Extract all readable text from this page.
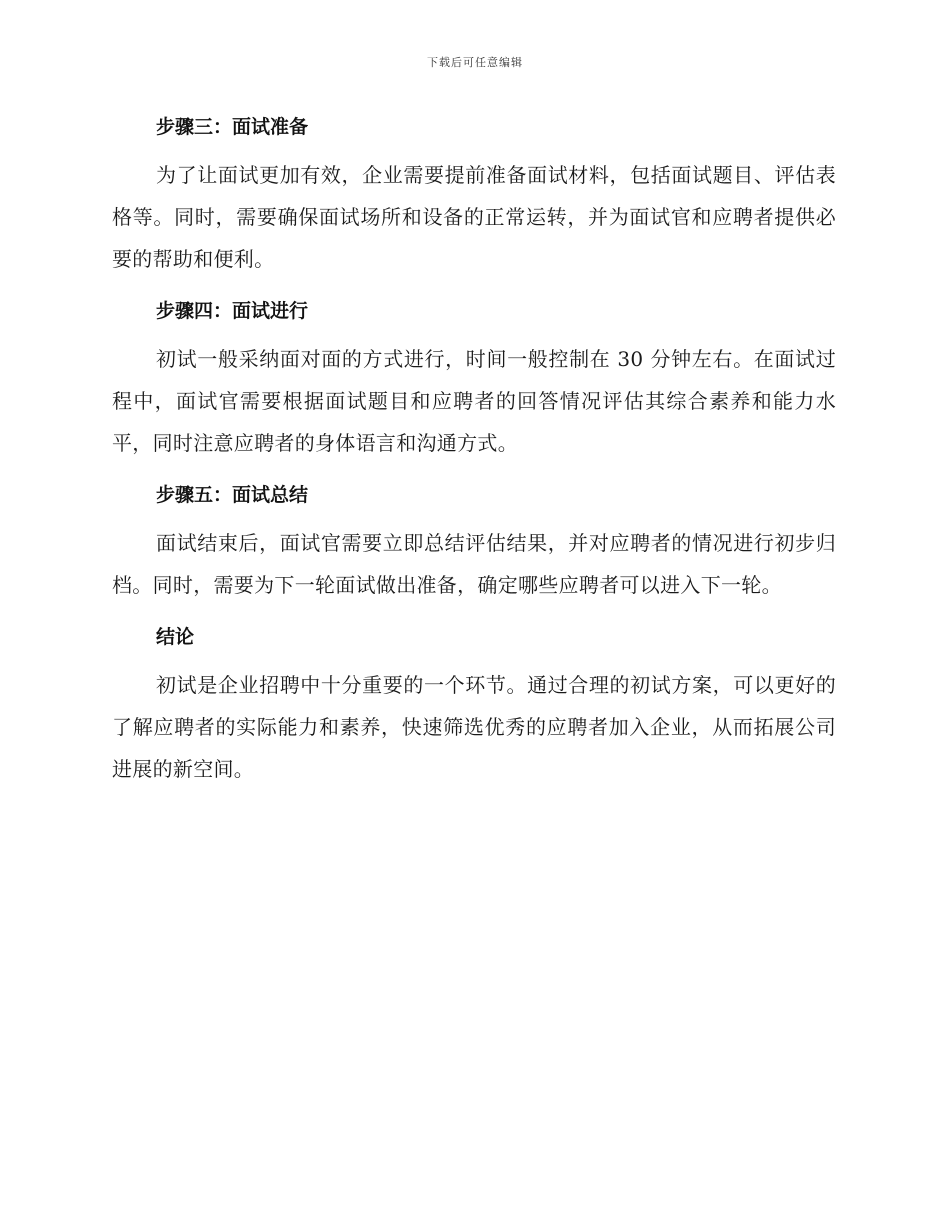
下载后可任意编辑
步骤三：面试准备

为了让面试更加有效，企业需要提前准备面试材料，包括面试题目、评估表格等。同时，需要确保面试场所和设备的正常运转，并为面试官和应聘者提供必要的帮助和便利。

步骤四：面试进行

初试一般采纳面对面的方式进行，时间一般控制在 30 分钟左右。在面试过程中，面试官需要根据面试题目和应聘者的回答情况评估其综合素养和能力水平，同时注意应聘者的身体语言和沟通方式。

步骤五：面试总结

面试结束后，面试官需要立即总结评估结果，并对应聘者的情况进行初步归档。同时，需要为下一轮面试做出准备，确定哪些应聘者可以进入下一轮。

结论

初试是企业招聘中十分重要的一个环节。通过合理的初试方案，可以更好的了解应聘者的实际能力和素养，快速筛选优秀的应聘者加入企业，从而拓展公司进展的新空间。
